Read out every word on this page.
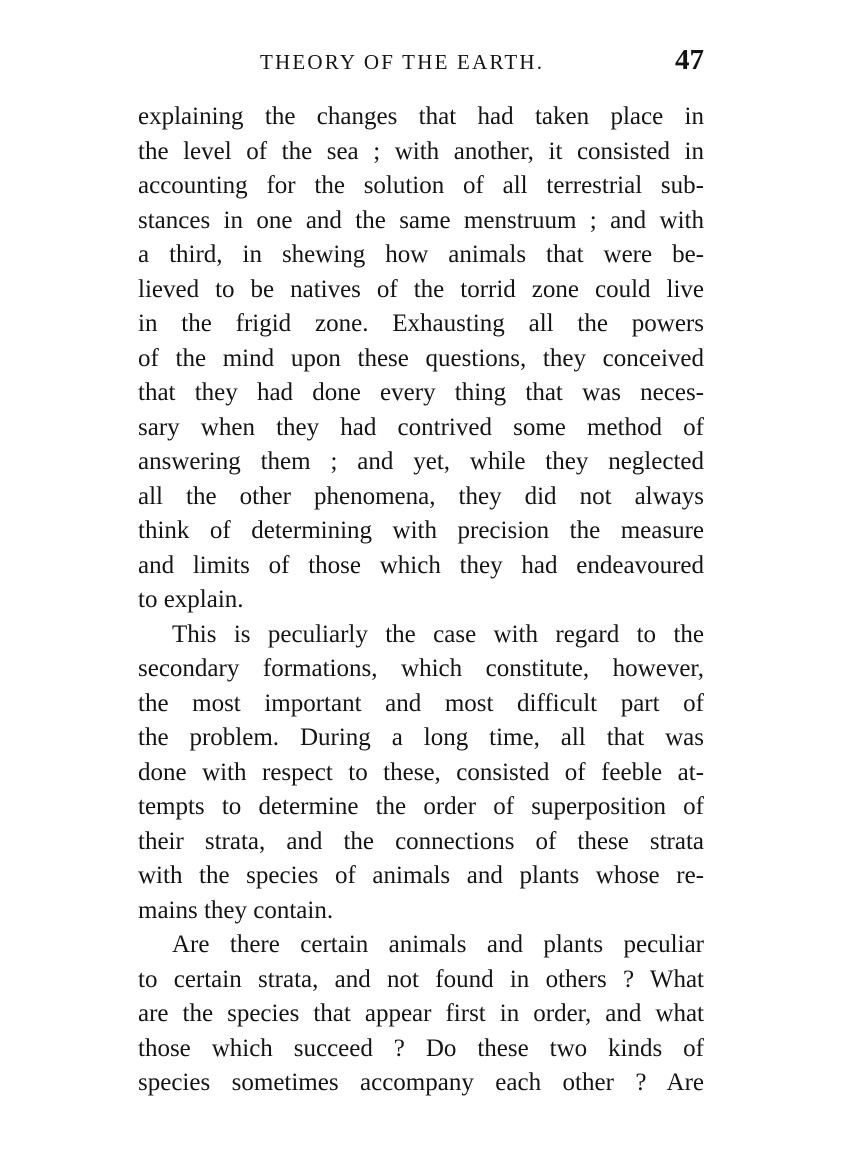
THEORY OF THE EARTH.	47

explaining the changes that had taken place in
the level of the sea ; with another, it consisted in
accounting for the solution of all terrestrial sub-
stances in one and the same menstruum ; and with
a third, in shewing how animals that were be-
lieved to be natives of the torrid zone could live
in the frigid zone. Exhausting all the powers
of the mind upon these questions, they conceived
that they had done every thing that was neces-
sary when they had contrived some method of
answering them ; and yet, while they neglected
all the other phenomena, they did not always
think of determining with precision the measure
and limits of those which they had endeavoured
to explain.

This is peculiarly the case with regard to the
secondary formations, which constitute, however,
the most important and most difficult part of
the problem. During a long time, all that was
done with respect to these, consisted of feeble at-
tempts to determine the order of superposition of
their strata, and the connections of these strata
with the species of animals and plants whose re-
mains they contain.

Are there certain animals and plants peculiar
to certain strata, and not found in others ? What
are the species that appear first in order, and what
those which succeed ? Do these two kinds of
species sometimes accompany each other ? Are
